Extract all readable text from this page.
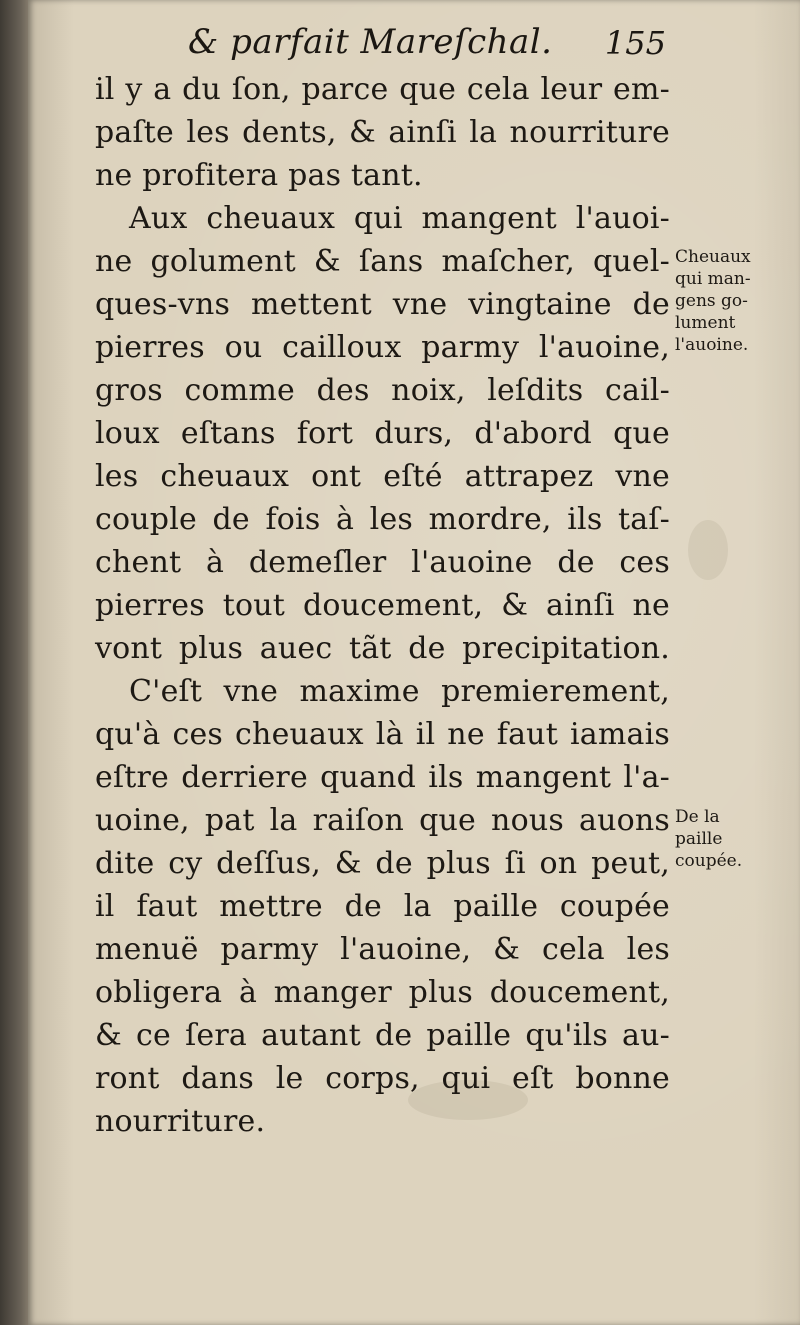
& parfait Mareſchal. 155
il y a du ſon, parce que cela leur em-
paſte les dents, & ainſi la nourriture
ne profitera pas tant.
Aux cheuaux qui mangent l'auoi-
ne golument & ſans maſcher, quel-
ques-vns mettent vne vingtaine de
pierres ou cailloux parmy l'auoine,
gros comme des noix, leſdits cail-
loux eſtans fort durs, d'abord que
les cheuaux ont eſté attrapez vne
couple de fois à les mordre, ils taſ-
chent à demeſler l'auoine de ces
pierres tout doucement, & ainſi ne
vont plus auec tãt de precipitation.
C'eſt vne maxime premierement,
qu'à ces cheuaux là il ne faut iamais
eſtre derriere quand ils mangent l'a-
uoine, pat la raiſon que nous auons
dite cy deſſus, & de plus ſi on peut,
il faut mettre de la paille coupée
menuë parmy l'auoine, & cela les
obligera à manger plus doucement,
& ce ſera autant de paille qu'ils au-
ront dans le corps, qui eſt bonne
nourriture.
Cheuaux
qui man-
gens go-
lument
l'auoine.
De la
paille
coupée.
